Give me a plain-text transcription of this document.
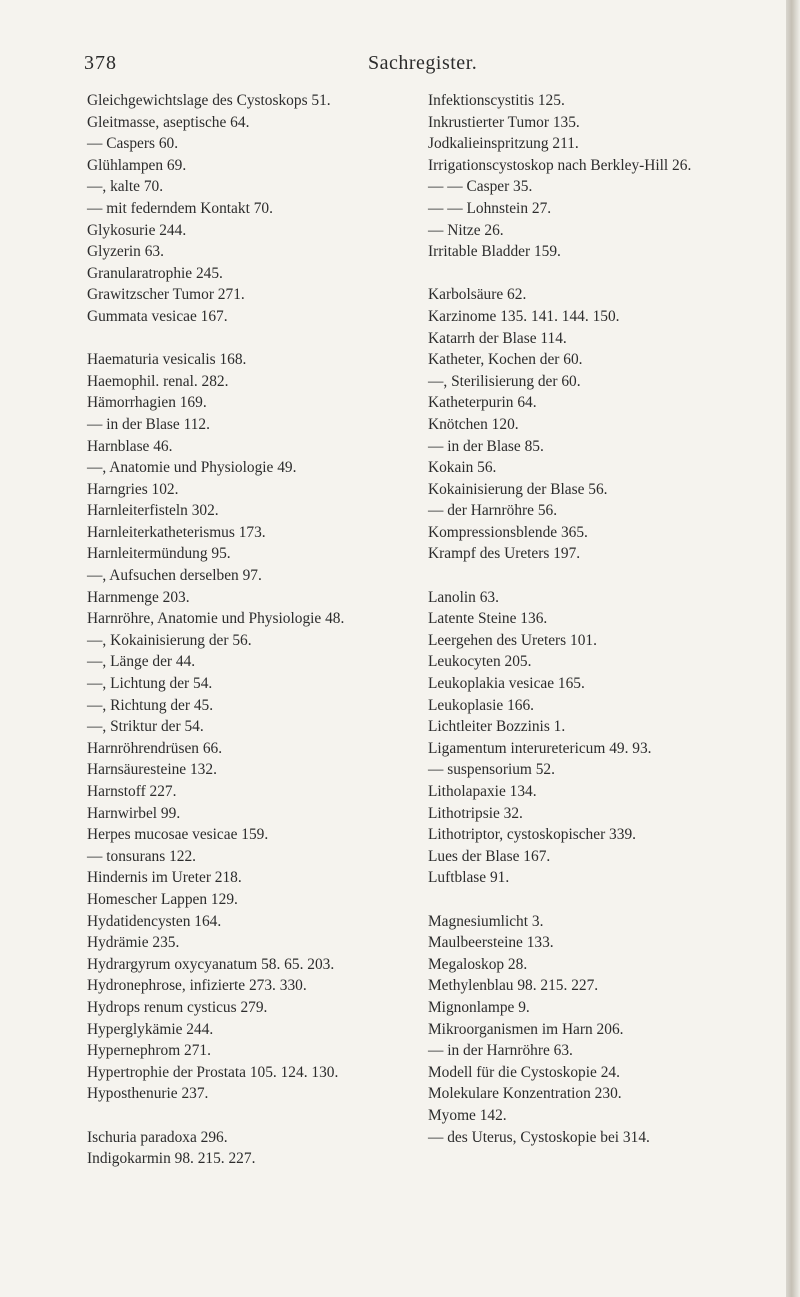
378	Sachregister.
Gleichgewichtslage des Cystoskops 51.
Gleitmasse, aseptische 64.
— Caspers 60.
Glühlampen 69.
—, kalte 70.
— mit federndem Kontakt 70.
Glykosurie 244.
Glyzerin 63.
Granularatrophie 245.
Grawitzscher Tumor 271.
Gummata vesicae 167.
Haematuria vesicalis 168.
Haemophil. renal. 282.
Hämorrhagien 169.
— in der Blase 112.
Harnblase 46.
—, Anatomie und Physiologie 49.
Harngries 102.
Harnleiterfisteln 302.
Harnleiterkatheterismus 173.
Harnleitermündung 95.
—, Aufsuchen derselben 97.
Harnmenge 203.
Harnröhre, Anatomie und Physiologie 48.
—, Kokainisierung der 56.
—, Länge der 44.
—, Lichtung der 54.
—, Richtung der 45.
—, Striktur der 54.
Harnröhrendrüsen 66.
Harnsäuresteine 132.
Harnstoff 227.
Harnwirbel 99.
Herpes mucosae vesicae 159.
— tonsurans 122.
Hindernis im Ureter 218.
Homescher Lappen 129.
Hydatidencysten 164.
Hydrämie 235.
Hydrargyrum oxycyanatum 58. 65. 203.
Hydronephrose, infizierte 273. 330.
Hydrops renum cysticus 279.
Hyperglykämie 244.
Hypernephrom 271.
Hypertrophie der Prostata 105. 124. 130.
Hyposthenurie 237.
Ischuria paradoxa 296.
Indigokarmin 98. 215. 227.
Infektionscystitis 125.
Inkrustierter Tumor 135.
Jodkalieinspritzung 211.
Irrigationscystoskop nach Berkley-Hill 26.
— — Casper 35.
— — Lohnstein 27.
— Nitze 26.
Irritable Bladder 159.
Karbolsäure 62.
Karzinome 135. 141. 144. 150.
Katarrh der Blase 114.
Katheter, Kochen der 60.
—, Sterilisierung der 60.
Katheterpurin 64.
Knötchen 120.
— in der Blase 85.
Kokain 56.
Kokainisierung der Blase 56.
— der Harnröhre 56.
Kompressionsblende 365.
Krampf des Ureters 197.
Lanolin 63.
Latente Steine 136.
Leergehen des Ureters 101.
Leukocyten 205.
Leukoplakia vesicae 165.
Leukoplasie 166.
Lichtleiter Bozzinis 1.
Ligamentum interuretericum 49. 93.
— suspensorium 52.
Litholapaxie 134.
Lithotripsie 32.
Lithotriptor, cystoskopischer 339.
Lues der Blase 167.
Luftblase 91.
Magnesiumlicht 3.
Maulbeersteine 133.
Megaloskop 28.
Methylenblau 98. 215. 227.
Mignonlampe 9.
Mikroorganismen im Harn 206.
— in der Harnröhre 63.
Modell für die Cystoskopie 24.
Molekulare Konzentration 230.
Myome 142.
— des Uterus, Cystoskopie bei 314.
